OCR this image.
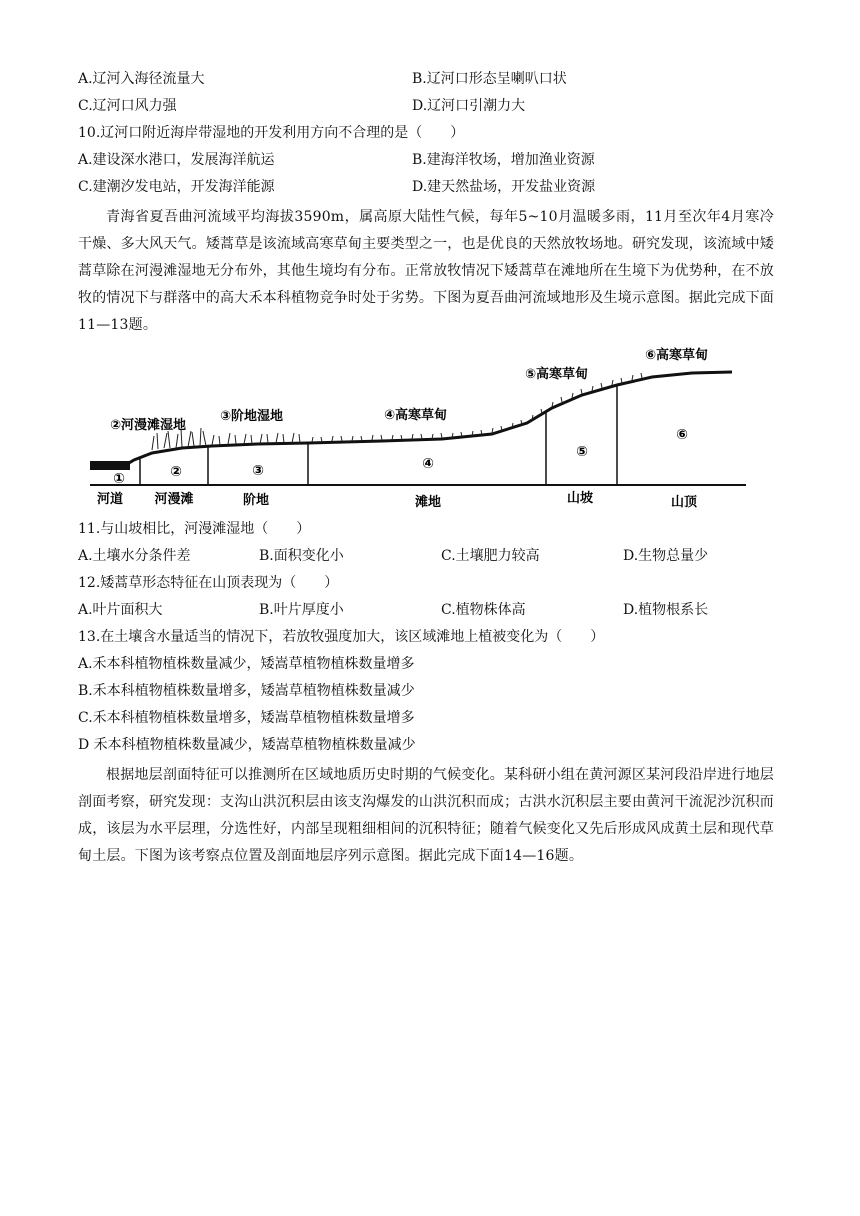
A.辽河入海径流量大	B.辽河口形态呈喇叭口状
C.辽河口风力强	D.辽河口引潮力大
10.辽河口附近海岸带湿地的开发利用方向不合理的是（　　）
A.建设深水港口，发展海洋航运	B.建海洋牧场，增加渔业资源
C.建潮汐发电站，开发海洋能源	D.建天然盐场，开发盐业资源
青海省夏吾曲河流域平均海拔3590m，属高原大陆性气候，每年5~10月温暖多雨，11月至次年4月寒冷干燥、多大风天气。矮蒿草是该流域高寒草甸主要类型之一，也是优良的天然放牧场地。研究发现，该流域中矮蒿草除在河漫滩湿地无分布外，其他生境均有分布。正常放牧情况下矮蒿草在滩地所在生境下为优势种，在不放牧的情况下与群落中的高大禾本科植物竞争时处于劣势。下图为夏吾曲河流域地形及生境示意图。据此完成下面11—13题。
①	②	③	④
⑤
⑥
②河漫滩湿地
③阶地湿地	④高寒草甸
⑤高寒草甸
⑥高寒草甸
河道 河漫滩	阶地	滩地	山坡	山顶
11.与山坡相比，河漫滩湿地（　　）
A.土壤水分条件差	B.面积变化小	C.土壤肥力较高	D.生物总量少
12.矮蒿草形态特征在山顶表现为（　　）
A.叶片面积大	B.叶片厚度小	C.植物株体高	D.植物根系长
13.在土壤含水量适当的情况下，若放牧强度加大，该区域滩地上植被变化为（　　）
A.禾本科植物植株数量减少，矮嵩草植物植株数量增多
B.禾本科植物植株数量增多，矮嵩草植物植株数量减少
C.禾本科植物植株数量增多，矮嵩草植物植株数量增多
D 禾本科植物植株数量减少，矮嵩草植物植株数量减少
根据地层剖面特征可以推测所在区域地质历史时期的气候变化。某科研小组在黄河源区某河段沿岸进行地层剖面考察，研究发现：支沟山洪沉积层由该支沟爆发的山洪沉积而成；古洪水沉积层主要由黄河干流泥沙沉积而成，该层为水平层理，分选性好，内部呈现粗细相间的沉积特征；随着气候变化又先后形成风成黄土层和现代草甸土层。下图为该考察点位置及剖面地层序列示意图。据此完成下面14—16题。
